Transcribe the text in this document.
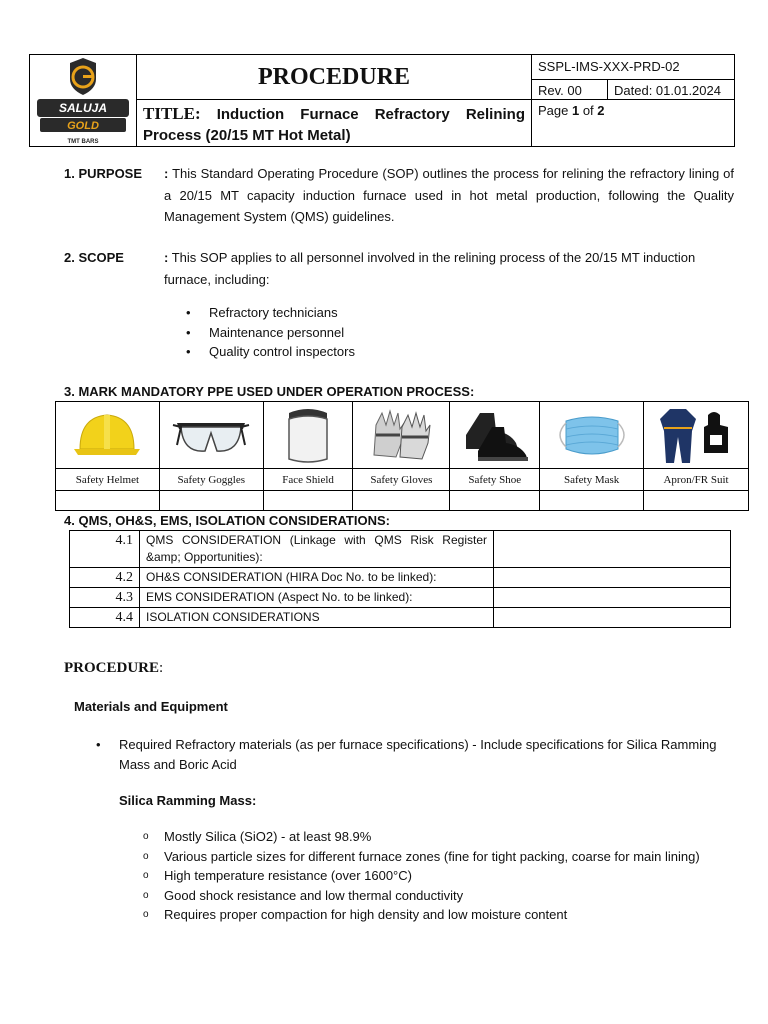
SALUJA
GOLD
TMT BARS
PROCEDURE
TITLE: Induction Furnace Refractory Relining Process (20/15 MT Hot Metal)
SSPL-IMS-XXX-PRD-02
Rev. 00	Dated: 01.01.2024
Page 1 of 2
1. PURPOSE : This Standard Operating Procedure (SOP) outlines the process for relining the refractory lining of a 20/15 MT capacity induction furnace used in hot metal production, following the Quality Management System (QMS) guidelines.
2. SCOPE	: This SOP applies to all personnel involved in the relining process of the 20/15 MT induction furnace, including:
• Refractory technicians
• Maintenance personnel
• Quality control inspectors
3. MARK MANDATORY PPE USED UNDER OPERATION PROCESS:

Safety Helmet	Safety Goggles	Face Shield	Safety Gloves	Safety Shoe	Safety Mask	Apron/FR Suit

4. QMS, OH&S, EMS, ISOLATION CONSIDERATIONS:
4.1	QMS CONSIDERATION (Linkage with QMS Risk Register &amp; Opportunities):	
4.2	OH&S CONSIDERATION (HIRA Doc No. to be linked):	
4.3	EMS CONSIDERATION (Aspect No. to be linked):	
4.4	ISOLATION CONSIDERATIONS	
PROCEDURE:
Materials and Equipment
• Required Refractory materials (as per furnace specifications) - Include specifications for Silica Ramming Mass and Boric Acid
Silica Ramming Mass:
o Mostly Silica (SiO2) - at least 98.9%
o Various particle sizes for different furnace zones (fine for tight packing, coarse for main lining)
o High temperature resistance (over 1600°C)
o Good shock resistance and low thermal conductivity
o Requires proper compaction for high density and low moisture content
